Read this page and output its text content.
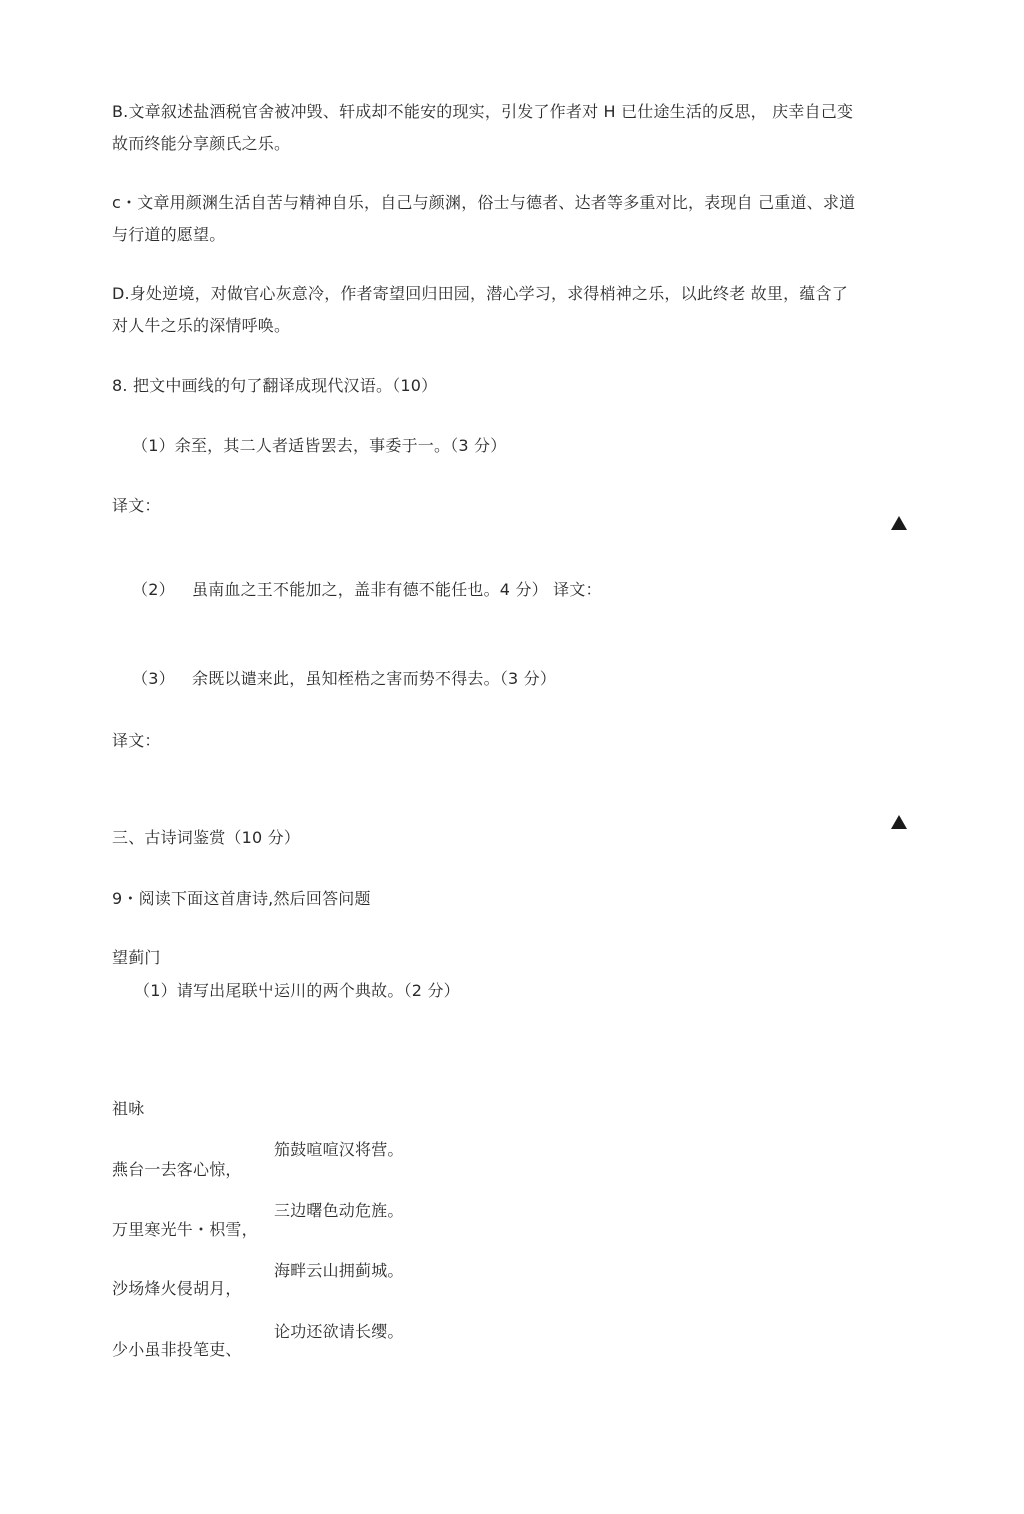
B.文章叙述盐酒税官舍被冲毁、轩成却不能安的现实，引发了作者对 H 已仕途生活的反思， 庆幸自己变
故而终能分享颜氏之乐。
c・文章用颜渊生活自苦与精神自乐，自己与颜渊，俗士与德者、达者等多重对比，表现自 己重道、求道
与行道的愿望。
D.身处逆境，对做官心灰意冷，作者寄望回归田园，潜心学习，求得梢神之乐，以此终老 故里，蕴含了
对人牛之乐的深情呼唤。
8. 把文中画线的句了翻译成现代汉语。（10）
（1）余至，其二人者适皆罢去，事委于一。（3 分）
译文：
（2） 虽南血之王不能加之，盖非有德不能任也。4 分） 译文：
（3） 余既以谴来此，虽知桎梏之害而势不得去。（3 分）
译文：
三、古诗词鉴赏（10 分）
9・阅读下面这首唐诗,然后回答问题
望蓟门
（1）请写出尾联屮运川的两个典故。（2 分）
祖咏
笳鼓喧喧汉将营。
燕台一去客心惊，
三边曙色动危旌。
万里寒光牛・枳雪，
海畔云山拥蓟城。
沙场烽火侵胡月，
论功还欲请长缨。
少小虽非投笔吏、
